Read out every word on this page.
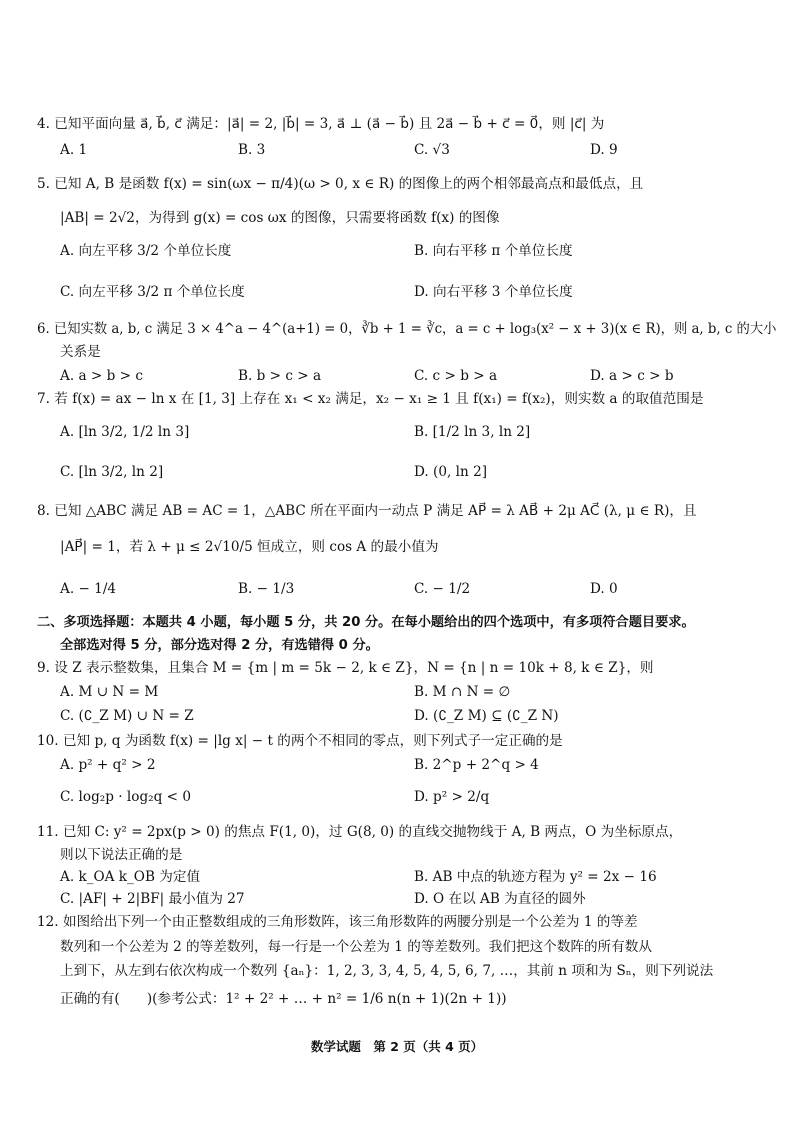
4. 已知平面向量 a⃗, b⃗, c⃗ 满足：|a⃗| = 2, |b⃗| = 3, a⃗ ⊥ (a⃗ − b⃗) 且 2a⃗ − b⃗ + c⃗ = 0⃗，则 |c⃗| 为
A. 1	B. 3	C. √3	D. 9
5. 已知 A, B 是函数 f(x) = sin(ωx − π/4)(ω > 0, x ∈ R) 的图像上的两个相邻最高点和最低点，且
|AB| = 2√2，为得到 g(x) = cos ωx 的图像，只需要将函数 f(x) 的图像
A. 向左平移 3/2 个单位长度	B. 向右平移 π 个单位长度
C. 向左平移 3/2 π 个单位长度	D. 向右平移 3 个单位长度
6. 已知实数 a, b, c 满足 3 × 4^a − 4^(a+1) = 0，∛b + 1 = ∛c，a = c + log₃(x² − x + 3)(x ∈ R)，则 a, b, c 的大小
关系是
A. a > b > c	B. b > c > a	C. c > b > a	D. a > c > b
7. 若 f(x) = ax − ln x 在 [1, 3] 上存在 x₁ < x₂ 满足，x₂ − x₁ ≥ 1 且 f(x₁) = f(x₂)，则实数 a 的取值范围是
A. [ln 3/2, 1/2 ln 3]	B. [1/2 ln 3, ln 2]
C. [ln 3/2, ln 2]	D. (0, ln 2]
8. 已知 △ABC 满足 AB = AC = 1，△ABC 所在平面内一动点 P 满足 AP⃗ = λ AB⃗ + 2μ AC⃗ (λ, μ ∈ R)，且
|AP⃗| = 1，若 λ + μ ≤ 2√10/5 恒成立，则 cos A 的最小值为
A. − 1/4	B. − 1/3	C. − 1/2	D. 0
二、多项选择题：本题共 4 小题，每小题 5 分，共 20 分。在每小题给出的四个选项中，有多项符合题目要求。
全部选对得 5 分，部分选对得 2 分，有选错得 0 分。
9. 设 Z 表示整数集，且集合 M = {m | m = 5k − 2, k ∈ Z}，N = {n | n = 10k + 8, k ∈ Z}，则
A. M ∪ N = M	B. M ∩ N = ∅
C. (∁_Z M) ∪ N = Z	D. (∁_Z M) ⊆ (∁_Z N)
10. 已知 p, q 为函数 f(x) = |lg x| − t 的两个不相同的零点，则下列式子一定正确的是
A. p² + q² > 2	B. 2^p + 2^q > 4
C. log₂p · log₂q < 0	D. p² > 2/q
11. 已知 C: y² = 2px(p > 0) 的焦点 F(1, 0)，过 G(8, 0) 的直线交抛物线于 A, B 两点，O 为坐标原点，
则以下说法正确的是
A. k_OA k_OB 为定值	B. AB 中点的轨迹方程为 y² = 2x − 16
C. |AF| + 2|BF| 最小值为 27	D. O 在以 AB 为直径的圆外
12. 如图给出下列一个由正整数组成的三角形数阵，该三角形数阵的两腰分别是一个公差为 1 的等差
数列和一个公差为 2 的等差数列，每一行是一个公差为 1 的等差数列。我们把这个数阵的所有数从
上到下，从左到右依次构成一个数列 {aₙ}：1, 2, 3, 3, 4, 5, 4, 5, 6, 7, …，其前 n 项和为 Sₙ，则下列说法
正确的有(　　)(参考公式：1² + 2² + … + n² = 1/6 n(n + 1)(2n + 1))
数学试题　第 2 页（共 4 页）
